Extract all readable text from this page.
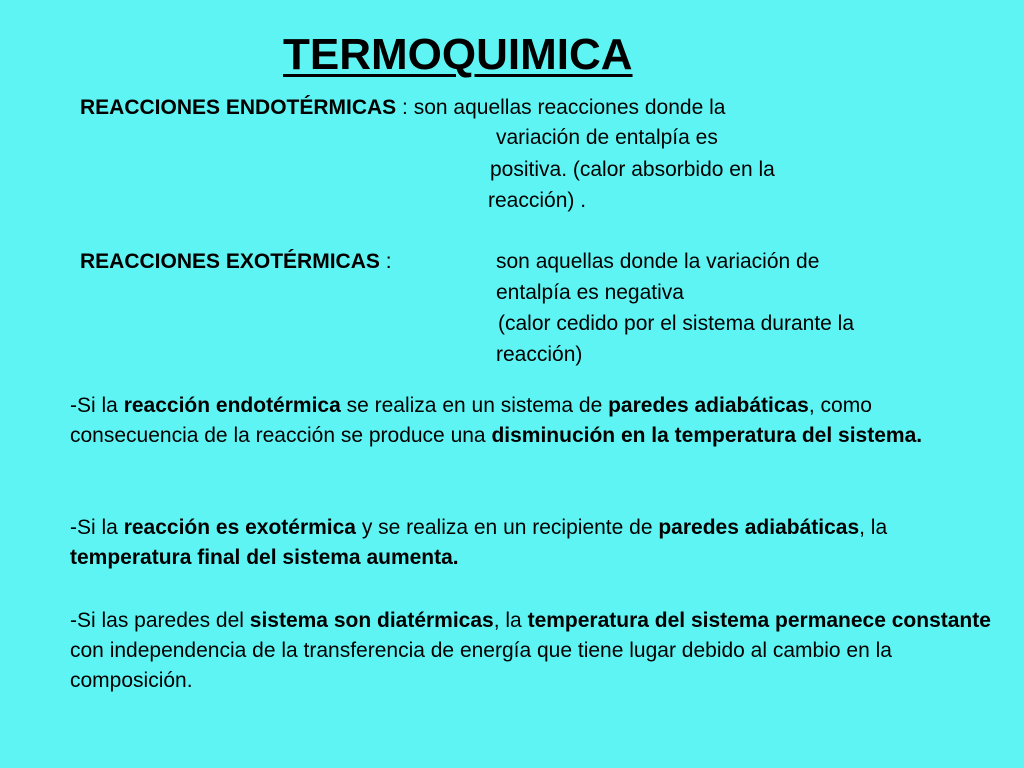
TERMOQUIMICA
REACCIONES ENDOTÉRMICAS : son aquellas reacciones donde la
variación de entalpía es
positiva. (calor absorbido en la
reacción) .
REACCIONES EXOTÉRMICAS :	son aquellas donde la variación de
entalpía es negativa
(calor cedido por el sistema durante la
reacción)

-Si la reacción endotérmica se realiza en un sistema de paredes adiabáticas, como consecuencia de la reacción se produce una disminución en la temperatura del sistema.

-Si la reacción es exotérmica y se realiza en un recipiente de paredes adiabáticas, la temperatura final del sistema aumenta.

-Si las paredes del sistema son diatérmicas, la temperatura del sistema permanece constante con independencia de la transferencia de energía que tiene lugar debido al cambio en la composición.
